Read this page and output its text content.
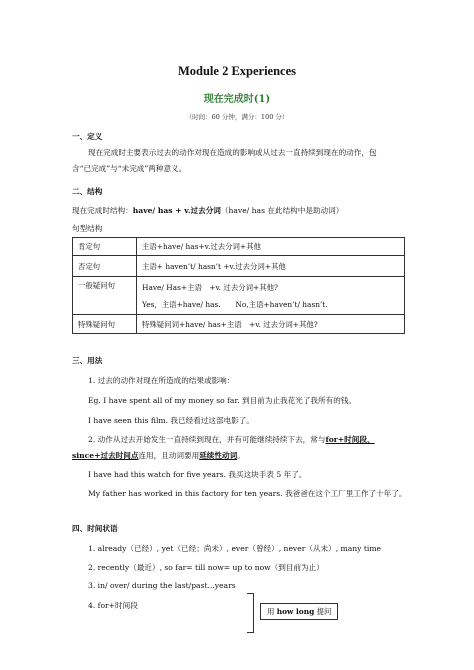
Module 2 Experiences
现在完成时(1)
（时间：60 分钟，满分：100 分）
一、定义
现在完成时主要表示过去的动作对现在造成的影响或从过去一直持续到现在的动作，包
含“已完成”与“未完成”两种意义。
二、结构
现在完成时结构：have/ has + v.过去分词（have/ has 在此结构中是助动词）
句型结构
肯定句	主语+have/ has+v.过去分词+其他
否定句	主语+ haven’t/ hasn’t +v.过去分词+其他
一般疑问句	Have/ Has+主语　+v. 过去分词+其他?
Yes，主语+have/ has.　　No,主语+haven’t/ hasn’t.

特殊疑问句	特殊疑问词+have/ has+主语　+v. 过去分词+其他?
三、用法
1. 过去的动作对现在所造成的结果或影响：
Eg. I have spent all of my money so far. 到目前为止我花光了我所有的钱。
I have seen this film. 我已经看过这部电影了。
2. 动作从过去开始发生一直持续到现在，并有可能继续持续下去，常与for+时间段、
since+过去时间点连用，且动词要用延续性动词。
I have had this watch for five years. 我买这块手表 5 年了。
My father has worked in this factory for ten years. 我爸爸在这个工厂里工作了十年了。
四、时间状语
1. already（已经）, yet（已经；尚未）, ever（曾经）, never（从未）, many time
2. recently（最近）, so far= till now= up to now（到目前为止）
3. in/ over/ during the last/past...years
4. for+时间段
用 how long 提问
